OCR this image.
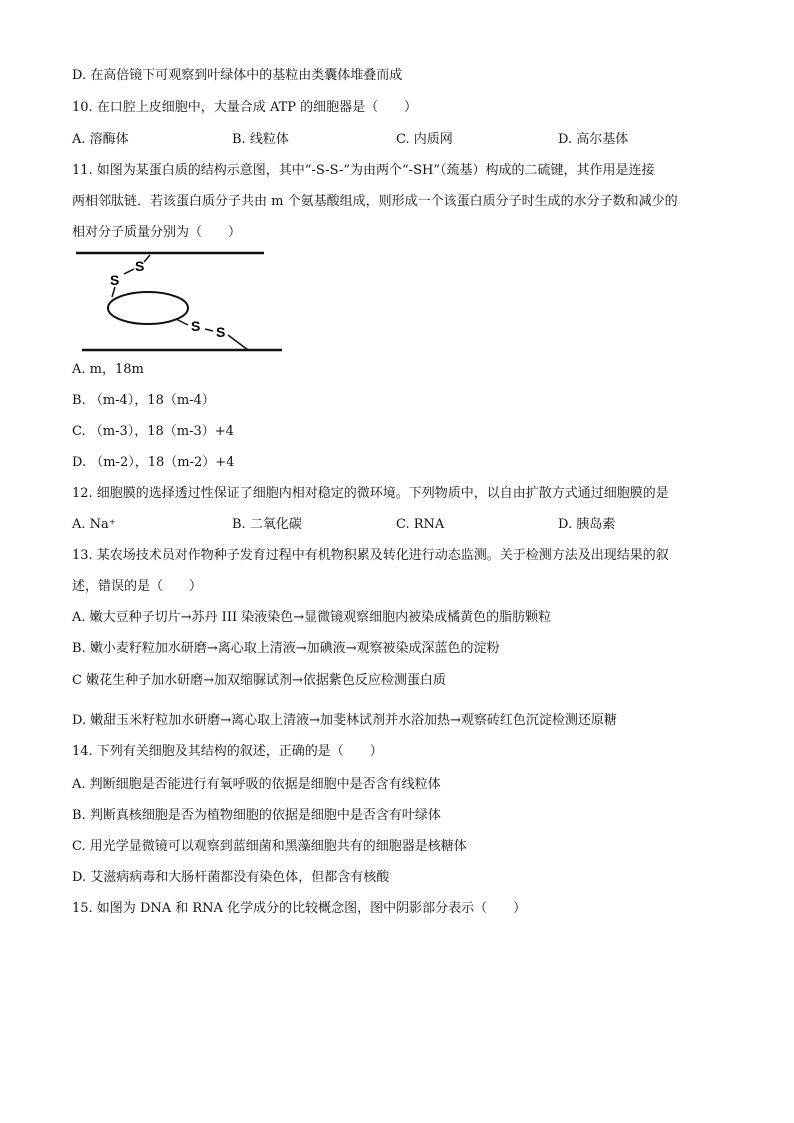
D. 在高倍镜下可观察到叶绿体中的基粒由类囊体堆叠而成
10. 在口腔上皮细胞中，大量合成 ATP 的细胞器是（　　）
A. 溶酶体	B. 线粒体	C. 内质网	D. 高尔基体
11. 如图为某蛋白质的结构示意图，其中“-S-S-”为由两个“-SH”（巯基）构成的二硫键，其作用是连接
两相邻肽链．若该蛋白质分子共由 m 个氨基酸组成，则形成一个该蛋白质分子时生成的水分子数和减少的
相对分子质量分别为（　　）
S
S
S S
A. m，18m
B. （m-4），18（m-4）
C. （m-3），18（m-3）+4
D. （m-2），18（m-2）+4
12. 细胞膜的选择透过性保证了细胞内相对稳定的微环境。下列物质中，以自由扩散方式通过细胞膜的是
A. Na⁺	B. 二氧化碳	C. RNA	D. 胰岛素
13. 某农场技术员对作物种子发育过程中有机物积累及转化进行动态监测。关于检测方法及出现结果的叙
述，错误的是（　　）
A. 嫩大豆种子切片→苏丹 III 染液染色→显微镜观察细胞内被染成橘黄色的脂肪颗粒
B. 嫩小麦籽粒加水研磨→离心取上清液→加碘液→观察被染成深蓝色的淀粉
C 嫩花生种子加水研磨→加双缩脲试剂→依据紫色反应检测蛋白质
D. 嫩甜玉米籽粒加水研磨→离心取上清液→加斐林试剂并水浴加热→观察砖红色沉淀检测还原糖
14. 下列有关细胞及其结构的叙述，正确的是（　　）
A. 判断细胞是否能进行有氧呼吸的依据是细胞中是否含有线粒体
B. 判断真核细胞是否为植物细胞的依据是细胞中是否含有叶绿体
C. 用光学显微镜可以观察到蓝细菌和黑藻细胞共有的细胞器是核糖体
D. 艾滋病病毒和大肠杆菌都没有染色体，但都含有核酸
15. 如图为 DNA 和 RNA 化学成分的比较概念图，图中阴影部分表示（　　）
